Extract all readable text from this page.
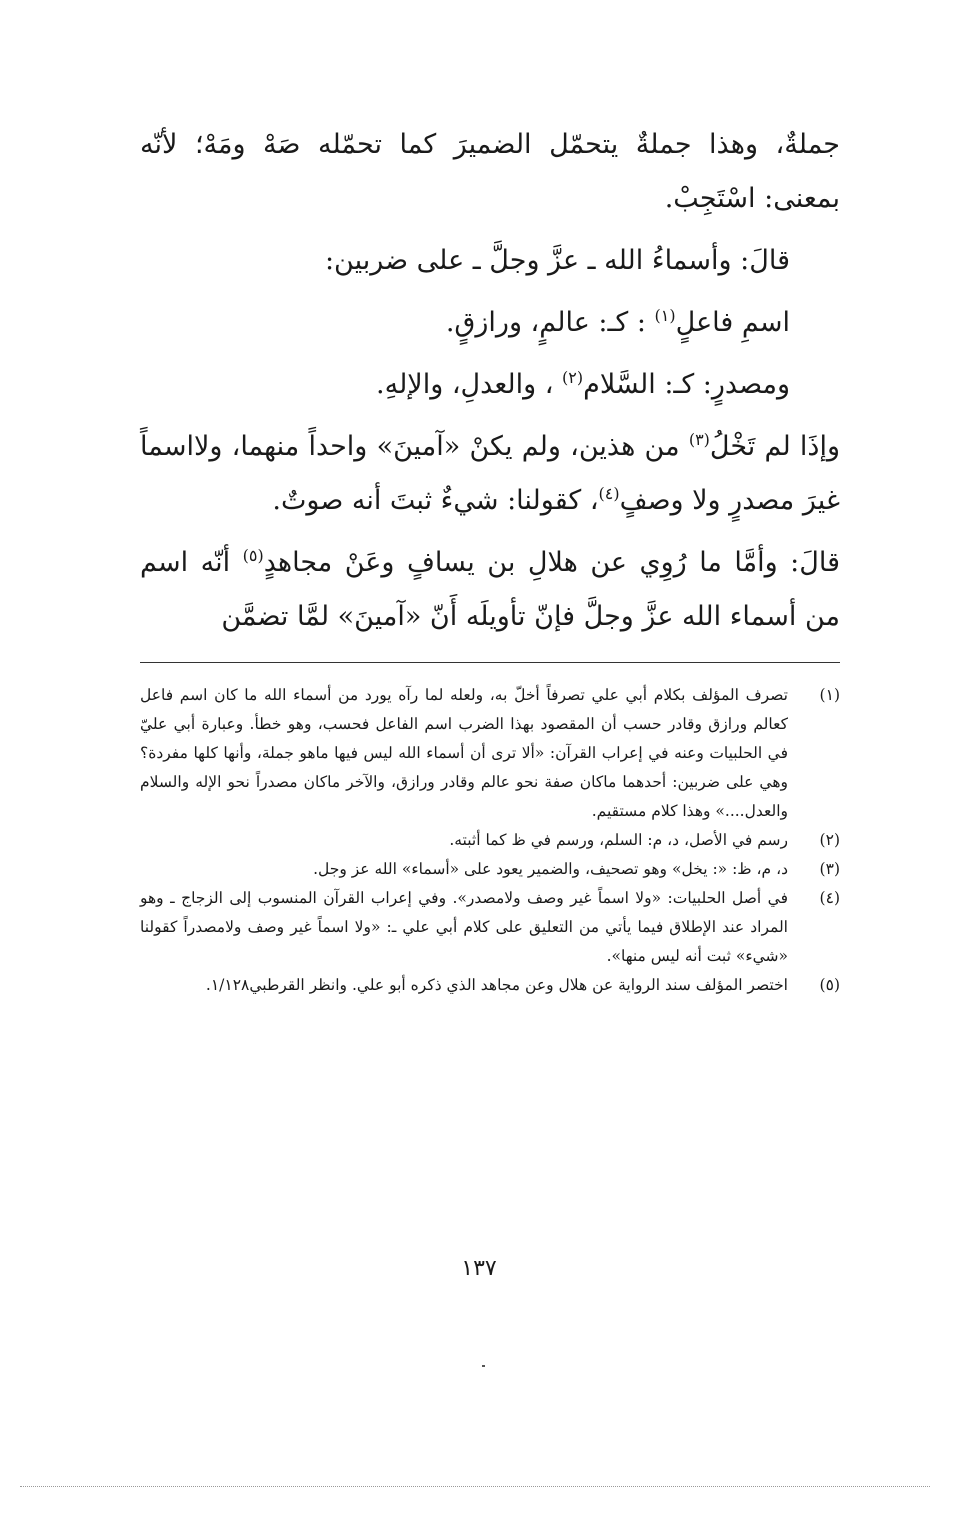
جملةٌ، وهذا جملةٌ يتحمّل الضميرَ كما تحمّله صَهْ ومَهْ؛ لأنّه بمعنى: اسْتَجِبْ.

قالَ: وأسماءُ الله ـ عزَّ وجلَّ ـ على ضربين:

اسمِ فاعلٍ$^{(١)}$ : كـ: عالمٍ، ورازقٍ.

ومصدرٍ: كـ: السَّلام$^{(٢)}$ ، والعدلِ، والإلهِ.

وإذَا لم تَخْلُ$^{(٣)}$ من هذين، ولم يكنْ «آمينَ» واحداً منهما، ولااسماً غيرَ مصدرٍ ولا وصفٍ$^{(٤)}$، كقولنا: شيءٌ ثبتَ أنه صوتٌ.

قالَ: وأمَّا ما رُوِي عن هلالِ بن يسافٍ وعَنْ مجاهدٍ$^{(٥)}$ أنّه اسم من أسماء الله عزَّ وجلَّ فإنّ تأويلَه أَنّ «آمينَ» لمَّا تضمَّن

(١)
تصرف المؤلف بكلام أبي علي تصرفاً أخلّ به، ولعله لما رآه يورد من أسماء الله ما كان اسم فاعل كعالم ورازق وقادر حسب أن المقصود بهذا الضرب اسم الفاعل فحسب، وهو خطأ. وعبارة أبي عليّ في الحلبيات وعنه في إعراب القرآن: «ألا ترى أن أسماء الله ليس فيها ماهو جملة، وأنها كلها مفردة؟ وهي على ضربين: أحدهما ماكان صفة نحو عالم وقادر ورازق، والآخر ماكان مصدراً نحو الإله والسلام والعدل....» وهذا كلام مستقيم.
(٢)
رسم في الأصل، د، م: السلم، ورسم في ظ كما أثبته.
(٣)
د، م، ظ: «: يخل» وهو تصحيف، والضمير يعود على «أسماء» الله عز وجل.
(٤)
في أصل الحلبيات: «ولا اسماً غير وصف ولامصدر». وفي إعراب القرآن المنسوب إلى الزجاج ـ وهو المراد عند الإطلاق فيما يأتي من التعليق على كلام أبي علي ـ: «ولا اسماً غير وصف ولامصدراً كقولنا «شيء» ثبت أنه ليس منها».
(٥)
اختصر المؤلف سند الرواية عن هلال وعن مجاهد الذي ذكره أبو علي. وانظر القرطبي١/١٢٨.
١٣٧
